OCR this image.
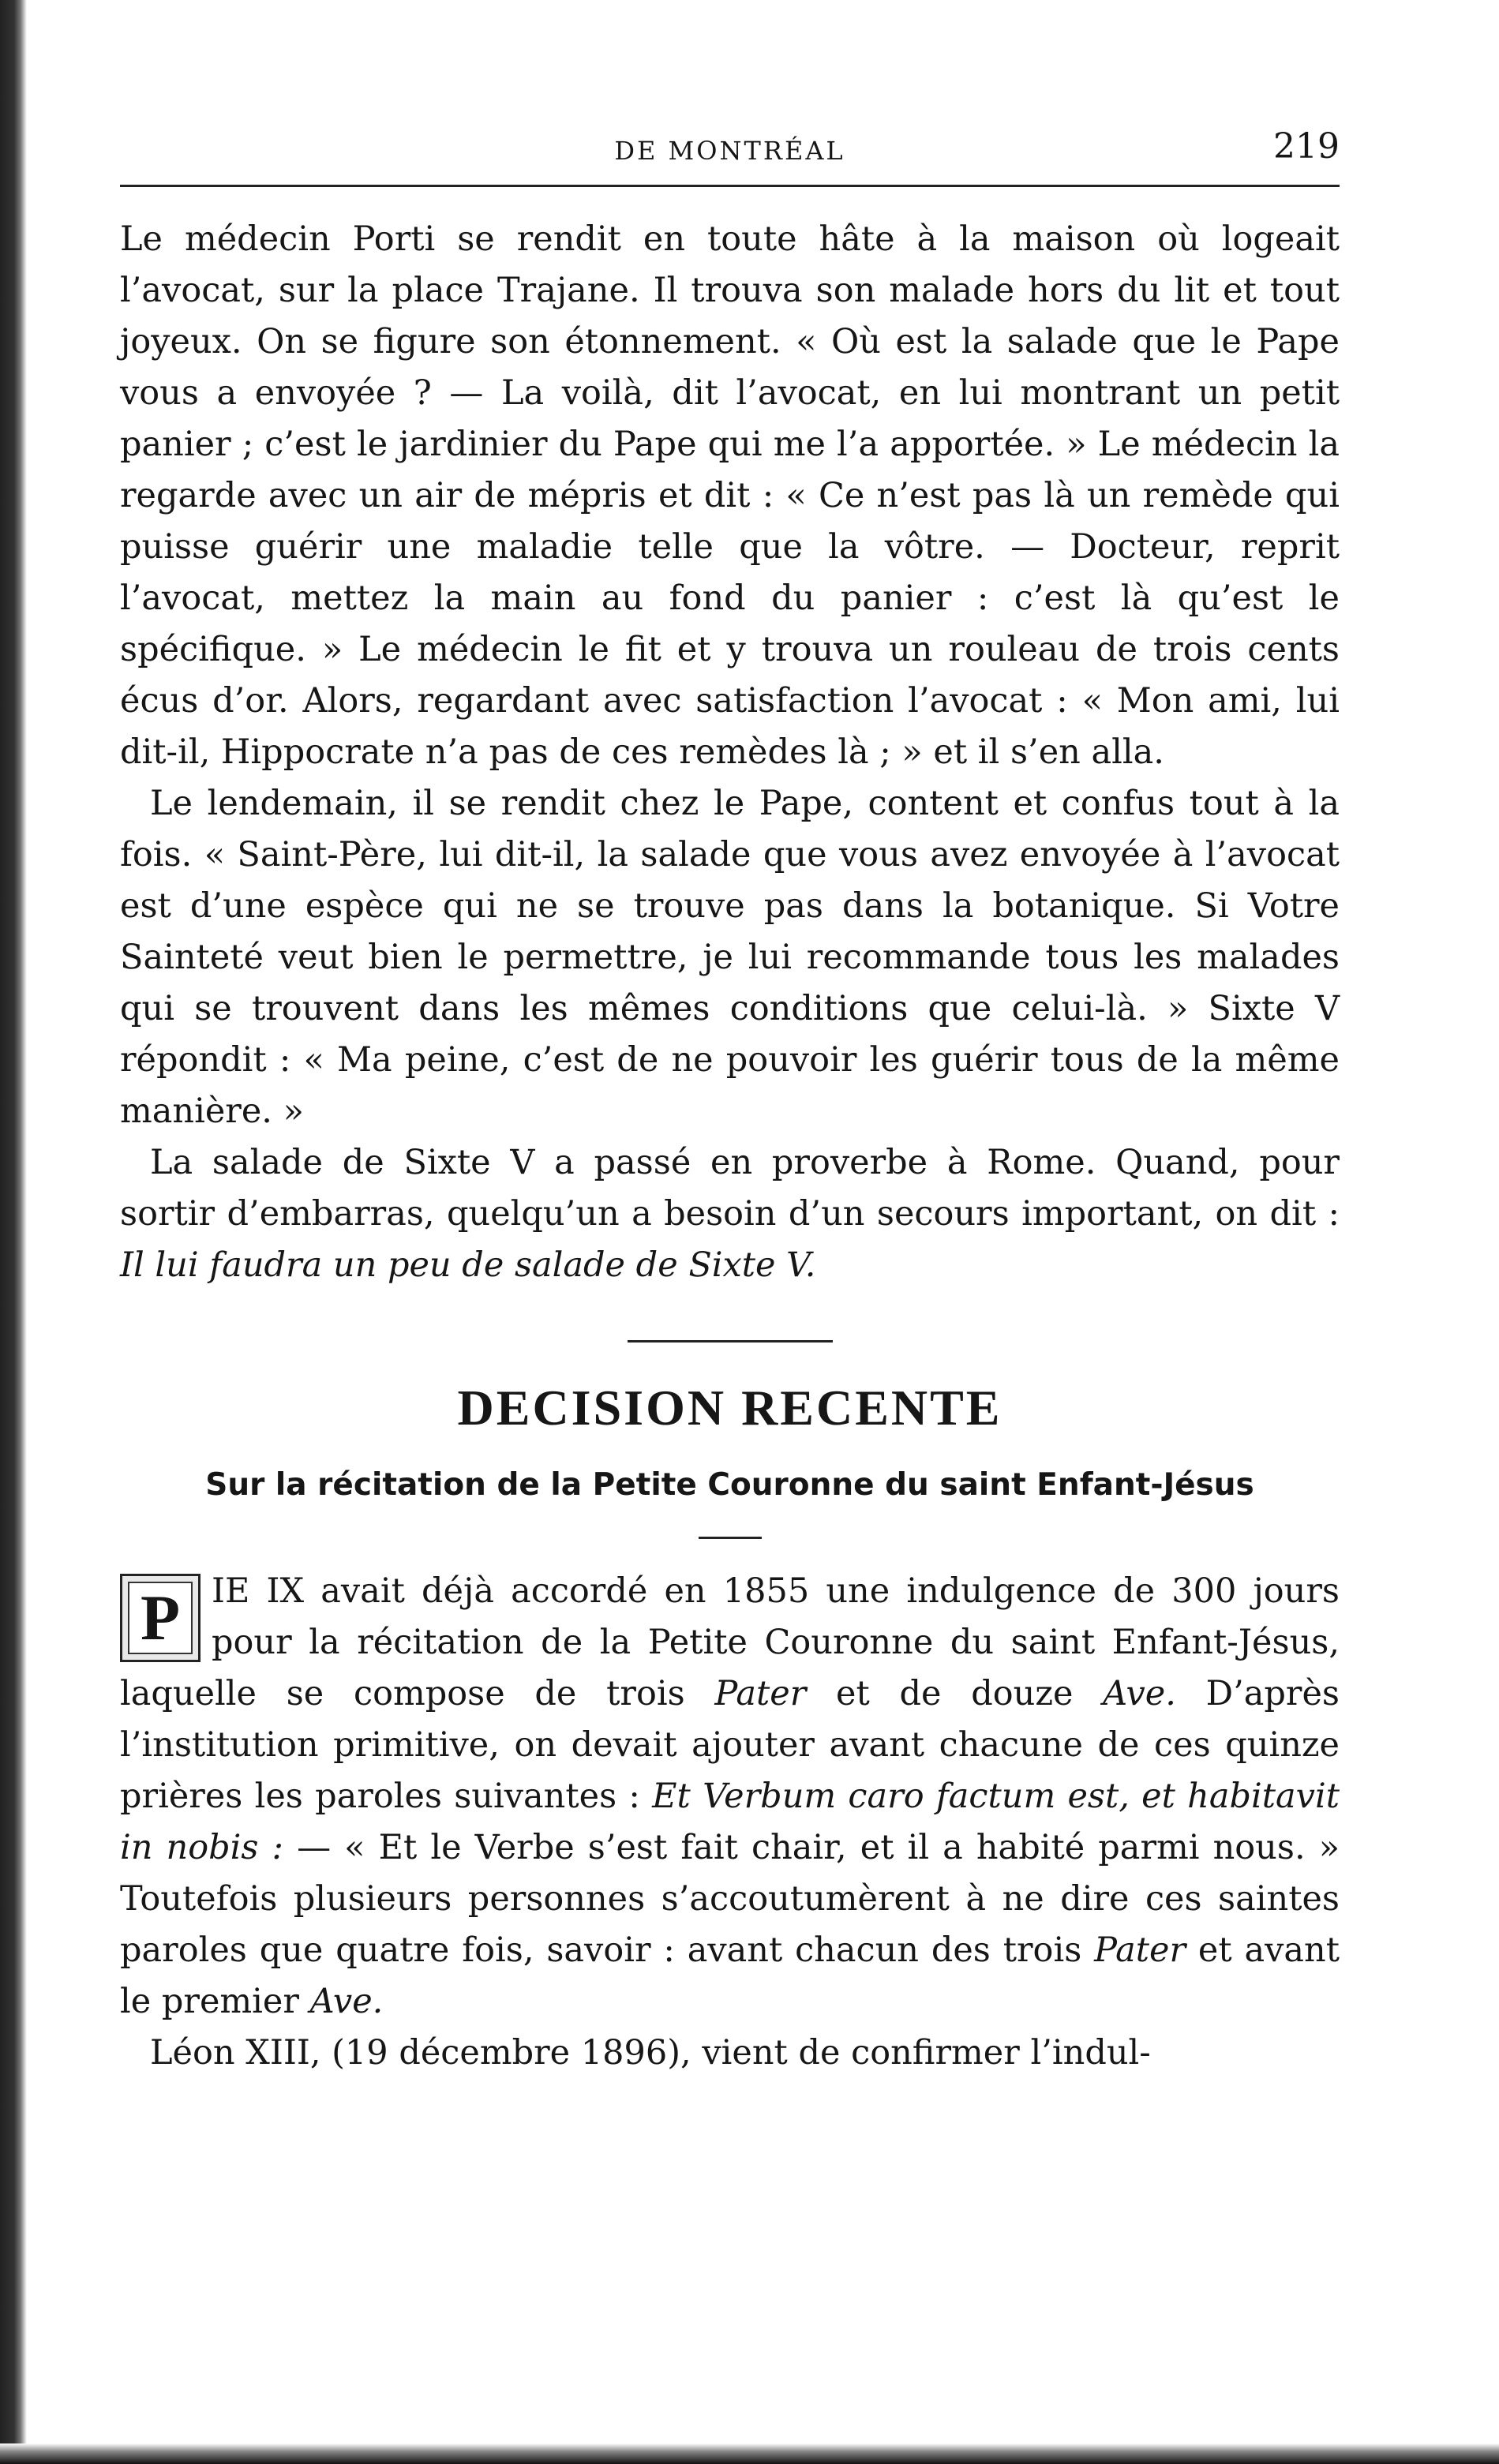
DE MONTRÉAL	219

Le médecin Porti se rendit en toute hâte à la maison où logeait l’avocat, sur la place Trajane. Il trouva son malade hors du lit et tout joyeux. On se figure son étonnement. « Où est la salade que le Pape vous a envoyée ? — La voilà, dit l’avocat, en lui montrant un petit panier ; c’est le jardinier du Pape qui me l’a apportée. » Le médecin la regarde avec un air de mépris et dit : « Ce n’est pas là un remède qui puisse guérir une maladie telle que la vôtre. — Docteur, reprit l’avocat, mettez la main au fond du panier : c’est là qu’est le spécifique. » Le médecin le fit et y trouva un rouleau de trois cents écus d’or. Alors, regardant avec satisfaction l’avocat : « Mon ami, lui dit-il, Hippocrate n’a pas de ces remèdes là ; » et il s’en alla.

Le lendemain, il se rendit chez le Pape, content et confus tout à la fois. « Saint-Père, lui dit-il, la salade que vous avez envoyée à l’avocat est d’une espèce qui ne se trouve pas dans la botanique. Si Votre Sainteté veut bien le permettre, je lui recommande tous les malades qui se trouvent dans les mêmes conditions que celui-là. » Sixte V répondit : « Ma peine, c’est de ne pouvoir les guérir tous de la même manière. »

La salade de Sixte V a passé en proverbe à Rome. Quand, pour sortir d’embarras, quelqu’un a besoin d’un secours important, on dit : Il lui faudra un peu de salade de Sixte V.

DECISION RECENTE
Sur la récitation de la Petite Couronne du saint Enfant-Jésus

P IE IX avait déjà accordé en 1855 une indulgence de 300 jours pour la récitation de la Petite Couronne du saint Enfant-Jésus, laquelle se compose de trois Pater et de douze Ave. D’après l’institution primitive, on devait ajouter avant chacune de ces quinze prières les paroles suivantes : Et Verbum caro factum est, et habitavit in nobis : — « Et le Verbe s’est fait chair, et il a habité parmi nous. » Toutefois plusieurs personnes s’accoutumèrent à ne dire ces saintes paroles que quatre fois, savoir : avant chacun des trois Pater et avant le premier Ave.

Léon XIII, (19 décembre 1896), vient de confirmer l’indul-
